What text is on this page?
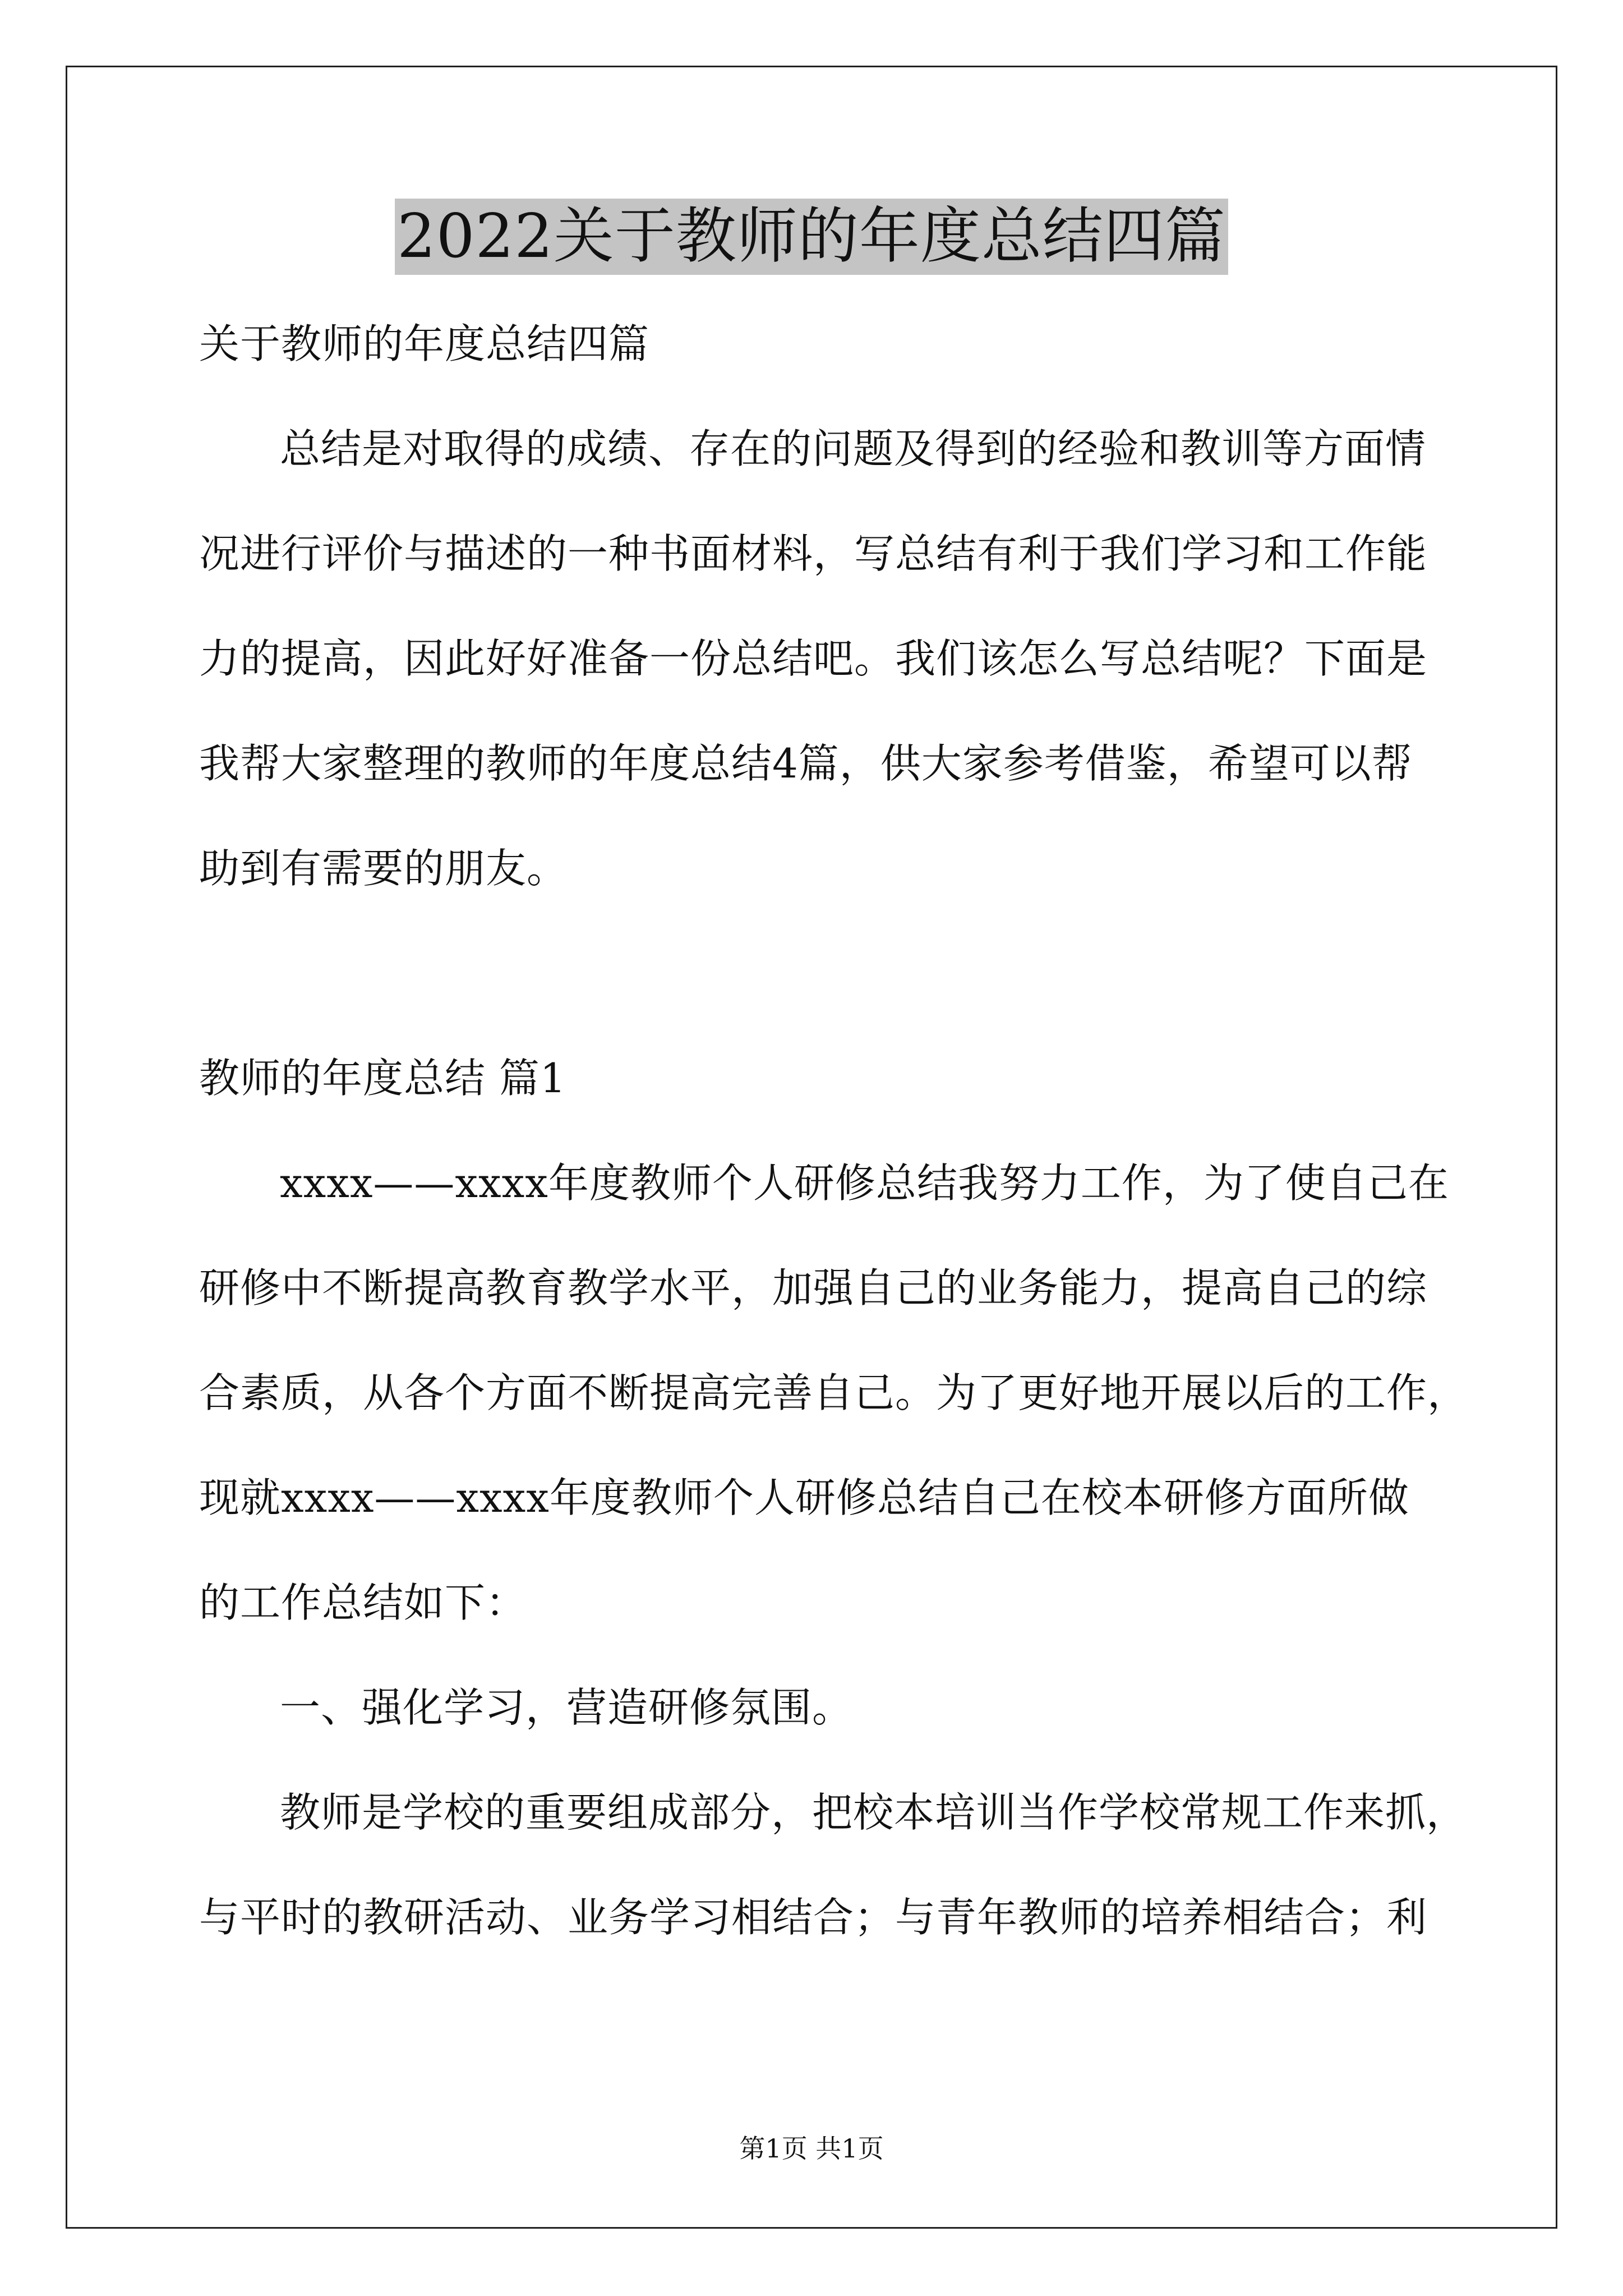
2022关于教师的年度总结四篇

关于教师的年度总结四篇

总结是对取得的成绩、存在的问题及得到的经验和教训等方面情

况进行评价与描述的一种书面材料，写总结有利于我们学习和工作能

力的提高，因此好好准备一份总结吧。我们该怎么写总结呢？下面是

我帮大家整理的教师的年度总结4篇，供大家参考借鉴，希望可以帮

助到有需要的朋友。

教师的年度总结 篇1

xxxx——xxxx年度教师个人研修总结我努力工作，为了使自己在

研修中不断提高教育教学水平，加强自己的业务能力，提高自己的综

合素质，从各个方面不断提高完善自己。为了更好地开展以后的工作，

现就xxxx——xxxx年度教师个人研修总结自己在校本研修方面所做

的工作总结如下：

一、强化学习，营造研修氛围。

教师是学校的重要组成部分，把校本培训当作学校常规工作来抓，

与平时的教研活动、业务学习相结合；与青年教师的培养相结合；利

第1页 共1页
